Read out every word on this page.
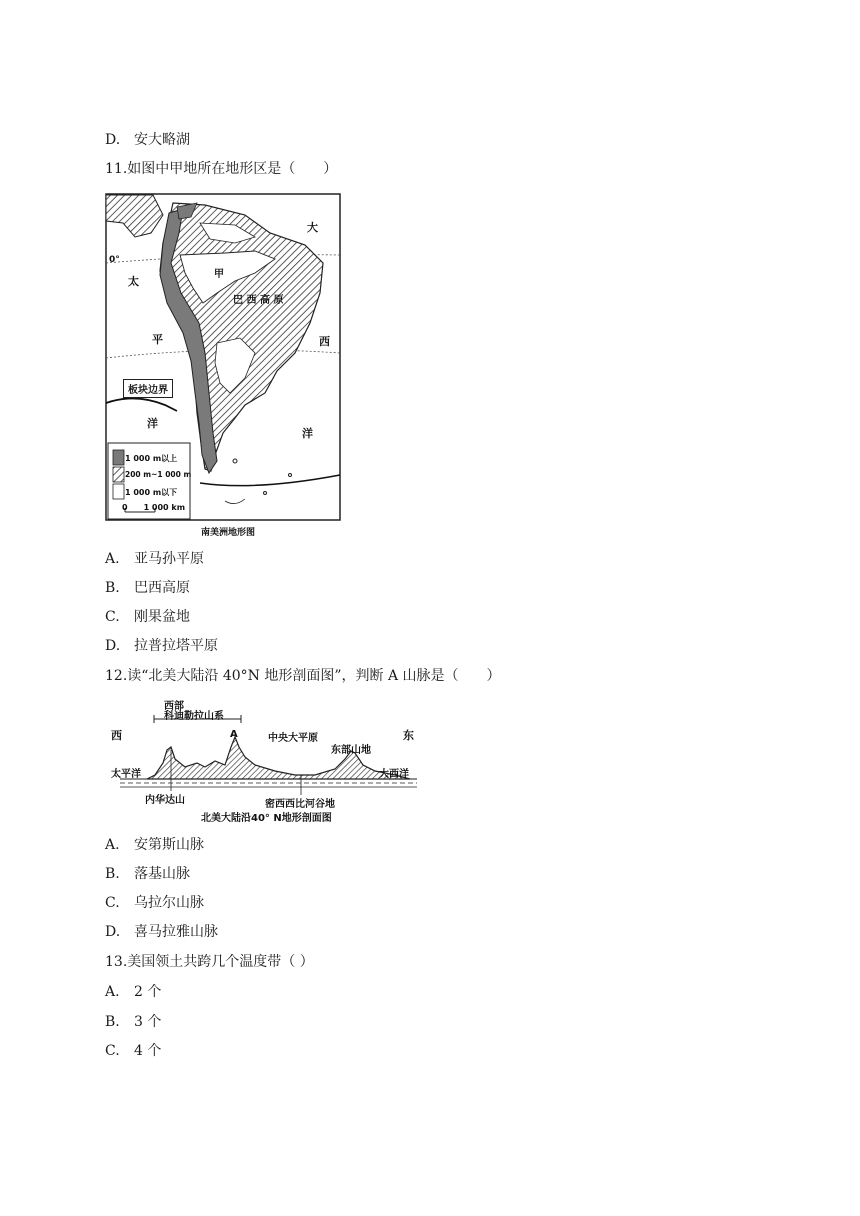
D. 安大略湖
11.如图中甲地所在地形区是（　　）
大
太
平
洋
西
洋
甲
巴 西 高 原
0°
板块边界
1 000 m以上
200 m~1 000 m
1 000 m以下
0　　1 000 km
南美洲地形图
A. 亚马孙平原
B. 巴西高原
C. 刚果盆地
D. 拉普拉塔平原
12.读“北美大陆沿 40°N 地形剖面图”，判断 A 山脉是（　　）
西	东
西部
科迪勒拉山系
A	中央大平原
东部山地
太平洋	大西洋
内华达山	密西西比河谷地
北美大陆沿40° N地形剖面图
A. 安第斯山脉
B. 落基山脉
C. 乌拉尔山脉
D. 喜马拉雅山脉
13.美国领土共跨几个温度带（ ）
A. 2 个
B. 3 个
C. 4 个
